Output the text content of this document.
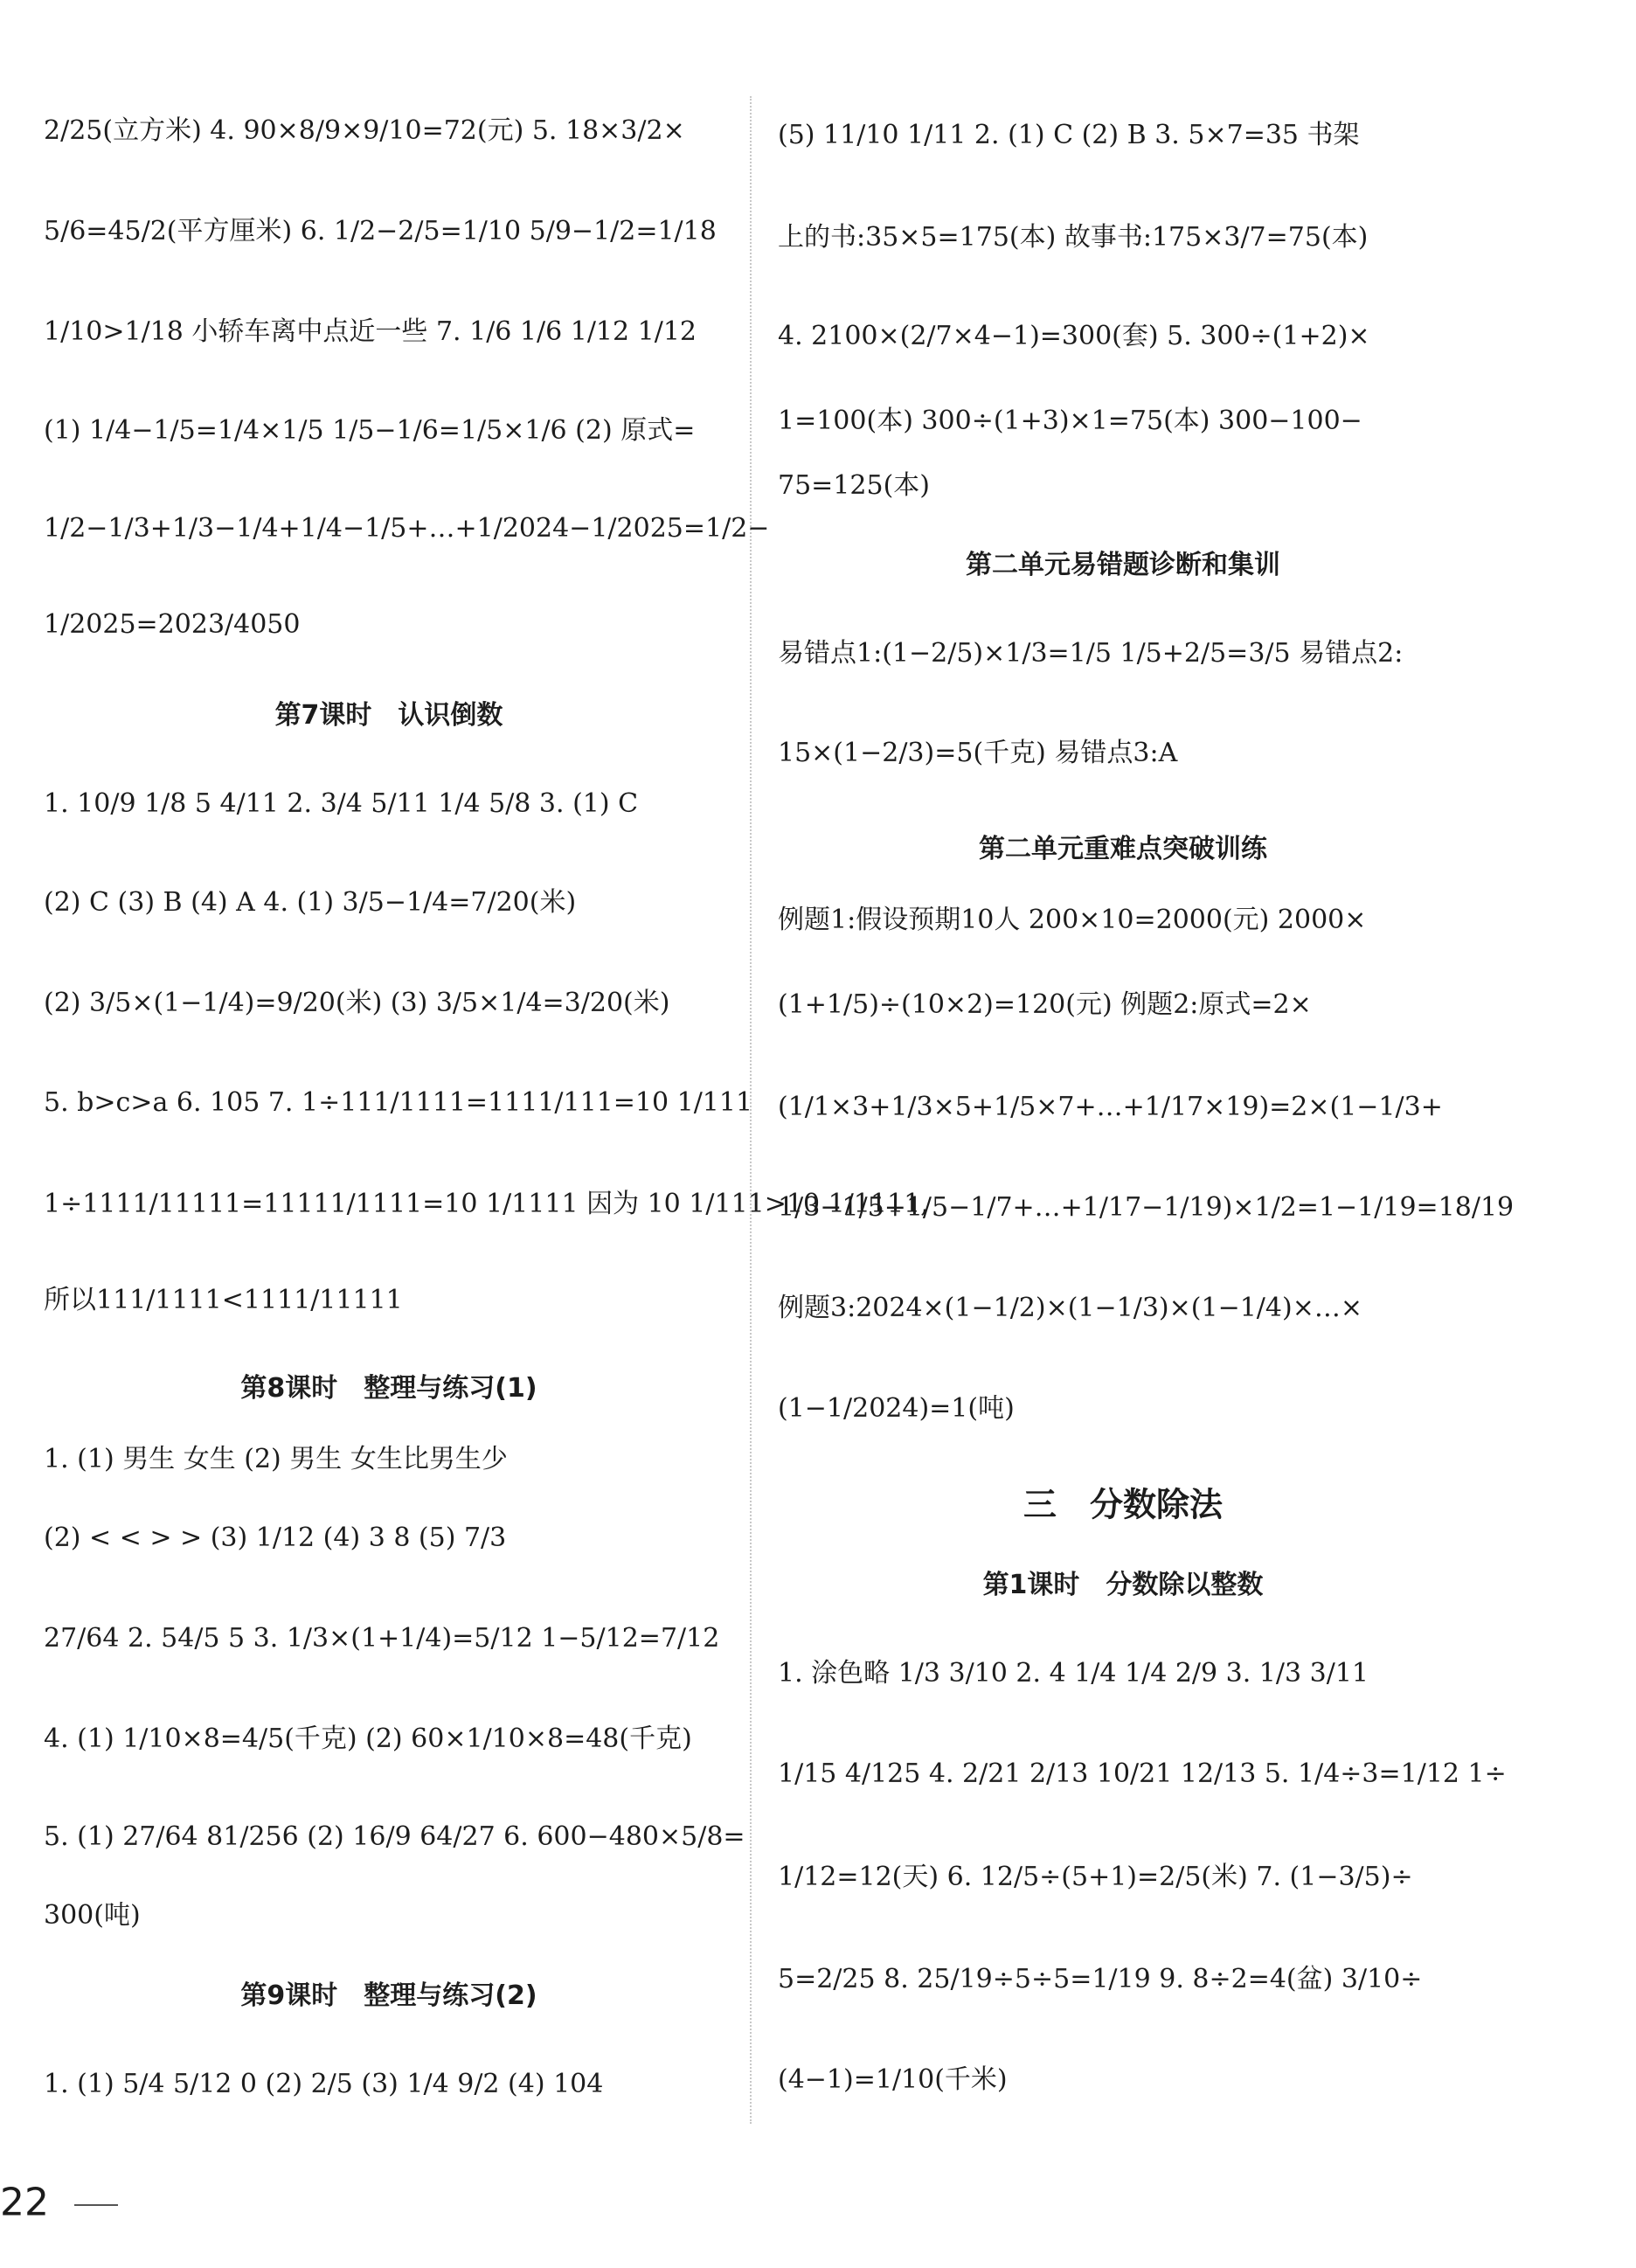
2/25(立方米) 4. 90×8/9×9/10=72(元) 5. 18×3/2×
5/6=45/2(平方厘米) 6. 1/2−2/5=1/10 5/9−1/2=1/18
1/10>1/18 小轿车离中点近一些 7. 1/6 1/6 1/12 1/12
(1) 1/4−1/5=1/4×1/5 1/5−1/6=1/5×1/6 (2) 原式=
1/2−1/3+1/3−1/4+1/4−1/5+…+1/2024−1/2025=1/2−
1/2025=2023/4050
第7课时　认识倒数
1. 10/9 1/8 5 4/11 2. 3/4 5/11 1/4 5/8 3. (1) C
(2) C (3) B (4) A 4. (1) 3/5−1/4=7/20(米)
(2) 3/5×(1−1/4)=9/20(米) (3) 3/5×1/4=3/20(米)
5. b>c>a 6. 105 7. 1÷111/1111=1111/111=10 1/111
1÷1111/11111=11111/1111=10 1/1111 因为 10 1/111>10 1/1111,
所以111/1111<1111/11111
第8课时　整理与练习(1)
1. (1) 男生 女生 (2) 男生 女生比男生少
(2) < < > > (3) 1/12 (4) 3 8 (5) 7/3
27/64 2. 54/5 5 3. 1/3×(1+1/4)=5/12 1−5/12=7/12
4. (1) 1/10×8=4/5(千克) (2) 60×1/10×8=48(千克)
5. (1) 27/64 81/256 (2) 16/9 64/27 6. 600−480×5/8=
300(吨)
第9课时　整理与练习(2)
1. (1) 5/4 5/12 0 (2) 2/5 (3) 1/4 9/2 (4) 104
(5) 11/10 1/11 2. (1) C (2) B 3. 5×7=35 书架
上的书:35×5=175(本) 故事书:175×3/7=75(本)
4. 2100×(2/7×4−1)=300(套) 5. 300÷(1+2)×
1=100(本) 300÷(1+3)×1=75(本) 300−100−
75=125(本)
第二单元易错题诊断和集训
易错点1:(1−2/5)×1/3=1/5 1/5+2/5=3/5 易错点2:
15×(1−2/3)=5(千克) 易错点3:A
第二单元重难点突破训练
例题1:假设预期10人 200×10=2000(元) 2000×
(1+1/5)÷(10×2)=120(元) 例题2:原式=2×
(1/1×3+1/3×5+1/5×7+…+1/17×19)=2×(1−1/3+
1/3−1/5+1/5−1/7+…+1/17−1/19)×1/2=1−1/19=18/19
例题3:2024×(1−1/2)×(1−1/3)×(1−1/4)×…×
(1−1/2024)=1(吨)
三　分数除法
第1课时　分数除以整数
1. 涂色略 1/3 3/10 2. 4 1/4 1/4 2/9 3. 1/3 3/11
1/15 4/125 4. 2/21 2/13 10/21 12/13 5. 1/4÷3=1/12 1÷
1/12=12(天) 6. 12/5÷(5+1)=2/5(米) 7. (1−3/5)÷
5=2/25 8. 25/19÷5÷5=1/19 9. 8÷2=4(盆) 3/10÷
(4−1)=1/10(千米)
22
